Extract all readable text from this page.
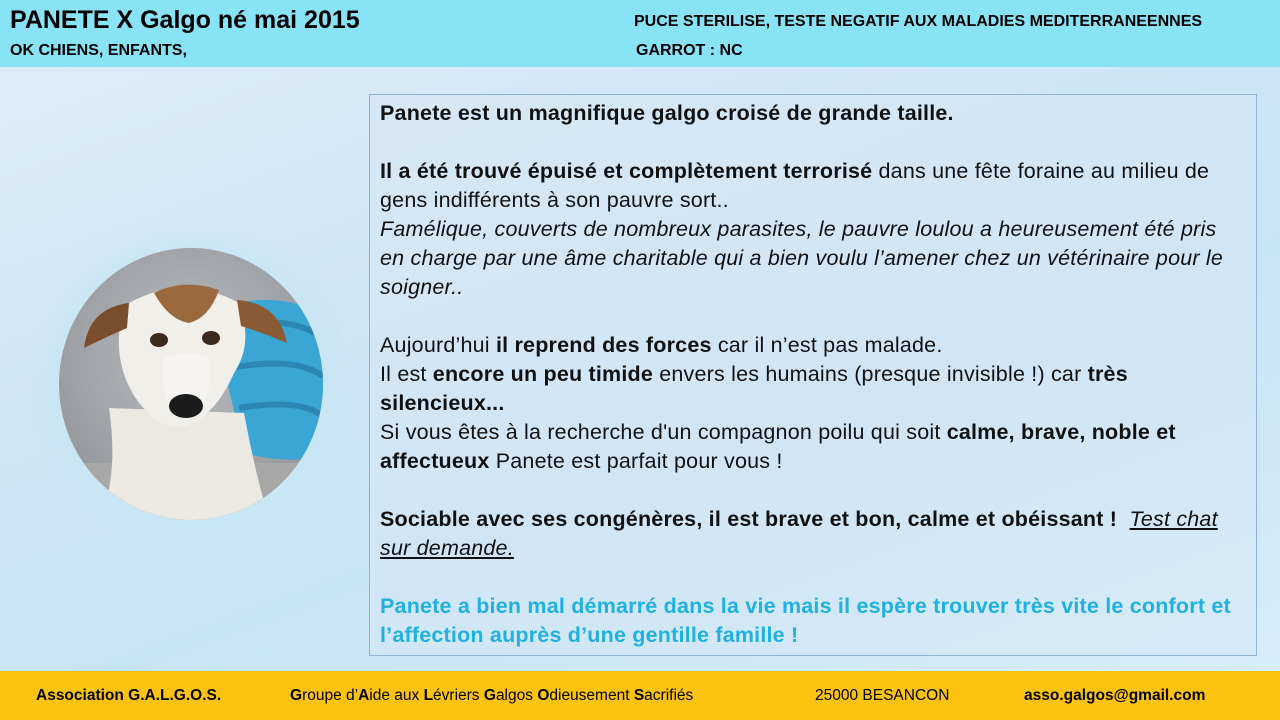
PANETE X Galgo né mai 2015
OK CHIENS, ENFANTS,
PUCE STERILISE, TESTE NEGATIF AUX MALADIES MEDITERRANEENNES
GARROT : NC

Panete est un magnifique galgo croisé de grande taille.

Il a été trouvé épuisé et complètement terrorisé dans une fête foraine au milieu de gens indifférents à son pauvre sort..
Famélique, couverts de nombreux parasites, le pauvre loulou a heureusement été pris en charge par une âme charitable qui a bien voulu l’amener chez un vétérinaire pour le soigner..

Aujourd’hui il reprend des forces car il n’est pas malade.
Il est encore un peu timide envers les humains (presque invisible !) car très silencieux...
Si vous êtes à la recherche d'un compagnon poilu qui soit calme, brave, noble et affectueux Panete est parfait pour vous !

Sociable avec ses congénères, il est brave et bon, calme et obéissant ! Test chat sur demande.

Panete a bien mal démarré dans la vie mais il espère trouver très vite le confort et l’affection auprès d’une gentille famille !

Association G.A.L.G.O.S.	Groupe d’Aide aux Lévriers Galgos Odieusement Sacrifiés	25000 BESANCON	asso.galgos@gmail.com
